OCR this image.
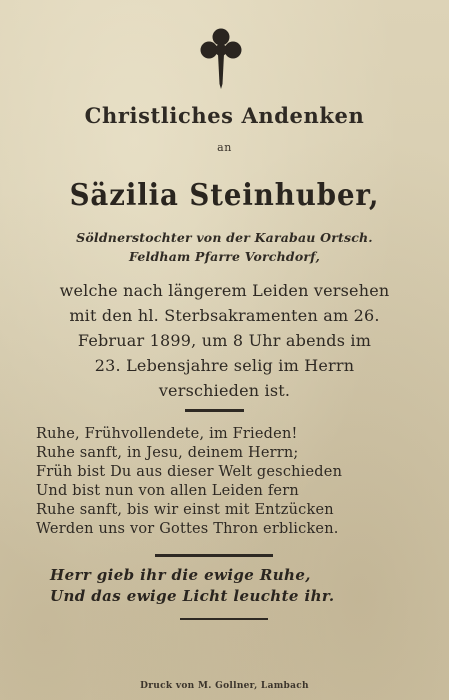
Christliches Andenken
an
Säzilia Steinhuber,
Söldnerstochter von der Karabau Ortsch.
Feldham Pfarre Vorchdorf,
welche nach längerem Leiden versehen
mit den hl. Sterbsakramenten am 26.
Februar 1899, um 8 Uhr abends im
23. Lebensjahre selig im Herrn
verschieden ist.
Ruhe, Frühvollendete, im Frieden!
Ruhe sanft, in Jesu, deinem Herrn;
Früh bist Du aus dieser Welt geschieden
Und bist nun von allen Leiden fern
Ruhe sanft, bis wir einst mit Entzücken
Werden uns vor Gottes Thron erblicken.
Herr gieb ihr die ewige Ruhe,
Und das ewige Licht leuchte ihr.
Druck von M. Gollner, Lambach
